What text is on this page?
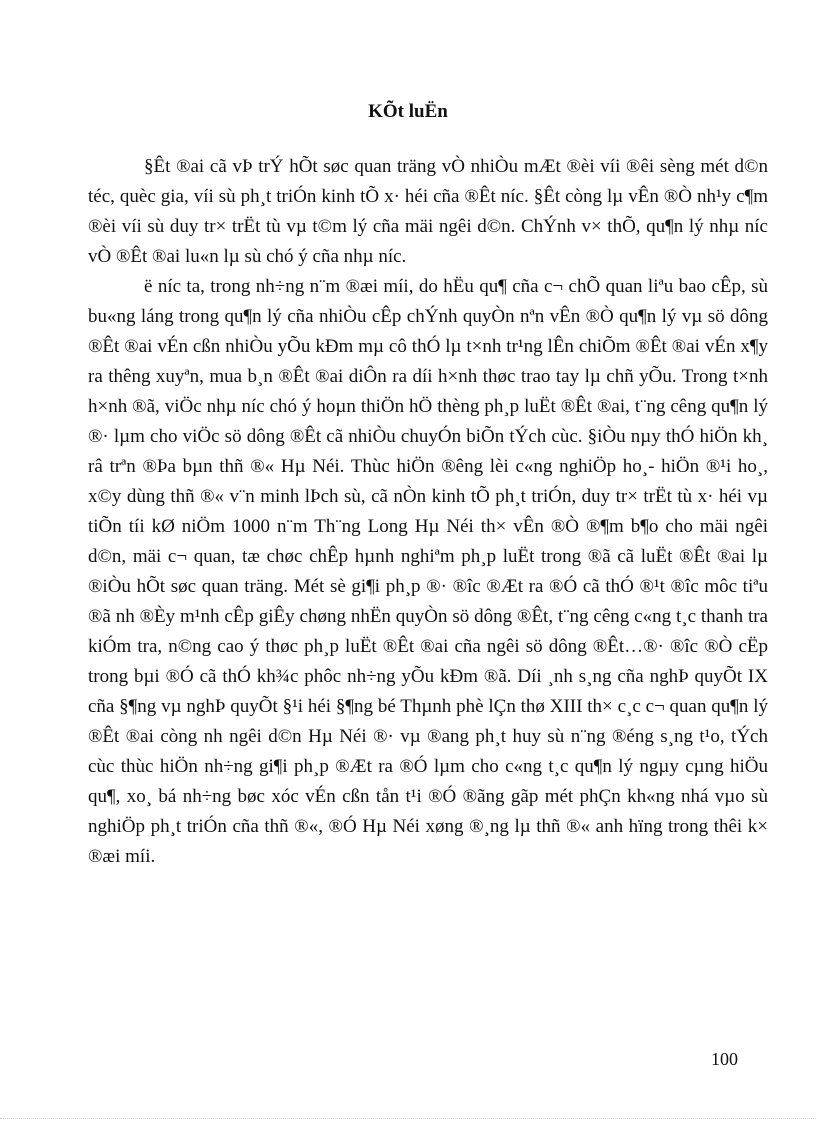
KÕt luËn

§Êt ®ai cã vÞ trÝ hÕt søc quan träng vÒ nhiÒu mÆt ®èi víi ®êi sèng mét d©n téc, quèc gia, víi sù ph¸t triÓn kinh tÕ x· héi cña ®Êt níc. §Êt còng lµ vÊn ®Ò nh¹y c¶m ®èi víi sù duy tr× trËt tù vµ t©m lý cña mäi ngêi d©n. ChÝnh v× thÕ, qu¶n lý nhµ níc vÒ ®Êt ®ai lu«n lµ sù chó ý cña nhµ níc.

ë níc ta, trong nh÷ng n¨m ®æi míi, do hËu qu¶ cña c¬ chÕ quan liªu bao cÊp, sù bu«ng láng trong qu¶n lý cña nhiÒu cÊp chÝnh quyÒn nªn vÊn ®Ò qu¶n lý vµ sö dông ®Êt ®ai vÉn cßn nhiÒu yÕu kÐm mµ cô thÓ lµ t×nh tr¹ng lÊn chiÕm ®Êt ®ai vÉn x¶y ra thêng xuyªn, mua b¸n ®Êt ®ai diÔn ra díi h×nh thøc trao tay lµ chñ yÕu. Trong t×nh h×nh ®ã, viÖc nhµ níc chó ý hoµn thiÖn hÖ thèng ph¸p luËt ®Êt ®ai, t¨ng cêng qu¶n lý ®· lµm cho viÖc sö dông ®Êt cã nhiÒu chuyÓn biÕn tÝch cùc. §iÒu nµy thÓ hiÖn kh¸ râ trªn ®Þa bµn thñ ®« Hµ Néi. Thùc hiÖn ®êng lèi c«ng nghiÖp ho¸- hiÖn ®¹i ho¸, x©y dùng thñ ®« v¨n minh lÞch sù, cã nÒn kinh tÕ ph¸t triÓn, duy tr× trËt tù x· héi vµ tiÕn tíi kØ niÖm 1000 n¨m Th¨ng Long Hµ Néi th× vÊn ®Ò ®¶m b¶o cho mäi ngêi d©n, mäi c¬ quan, tæ chøc chÊp hµnh nghiªm ph¸p luËt trong ®ã cã luËt ®Êt ®ai lµ ®iÒu hÕt søc quan träng. Mét sè gi¶i ph¸p ®· ®îc ®Æt ra ®Ó cã thÓ ®¹t ®îc môc tiªu ®ã nh ®Èy m¹nh cÊp giÊy chøng nhËn quyÒn sö dông ®Êt, t¨ng cêng c«ng t¸c thanh tra kiÓm tra, n©ng cao ý thøc ph¸p luËt ®Êt ®ai cña ngêi sö dông ®Êt…®· ®îc ®Ò cËp trong bµi ®Ó cã thÓ kh¾c phôc nh÷ng yÕu kÐm ®ã. Díi ¸nh s¸ng cña nghÞ quyÕt IX cña §¶ng vµ nghÞ quyÕt §¹i héi §¶ng bé Thµnh phè lÇn thø XIII th× c¸c c¬ quan qu¶n lý ®Êt ®ai còng nh ngêi d©n Hµ Néi ®· vµ ®ang ph¸t huy sù n¨ng ®éng s¸ng t¹o, tÝch cùc thùc hiÖn nh÷ng gi¶i ph¸p ®Æt ra ®Ó lµm cho c«ng t¸c qu¶n lý ngµy cµng hiÖu qu¶, xo¸ bá nh÷ng bøc xóc vÉn cßn tån t¹i ®Ó ®ãng gãp mét phÇn kh«ng nhá vµo sù nghiÖp ph¸t triÓn cña thñ ®«, ®Ó Hµ Néi xøng ®¸ng lµ thñ ®« anh hïng trong thêi k× ®æi míi.

100
